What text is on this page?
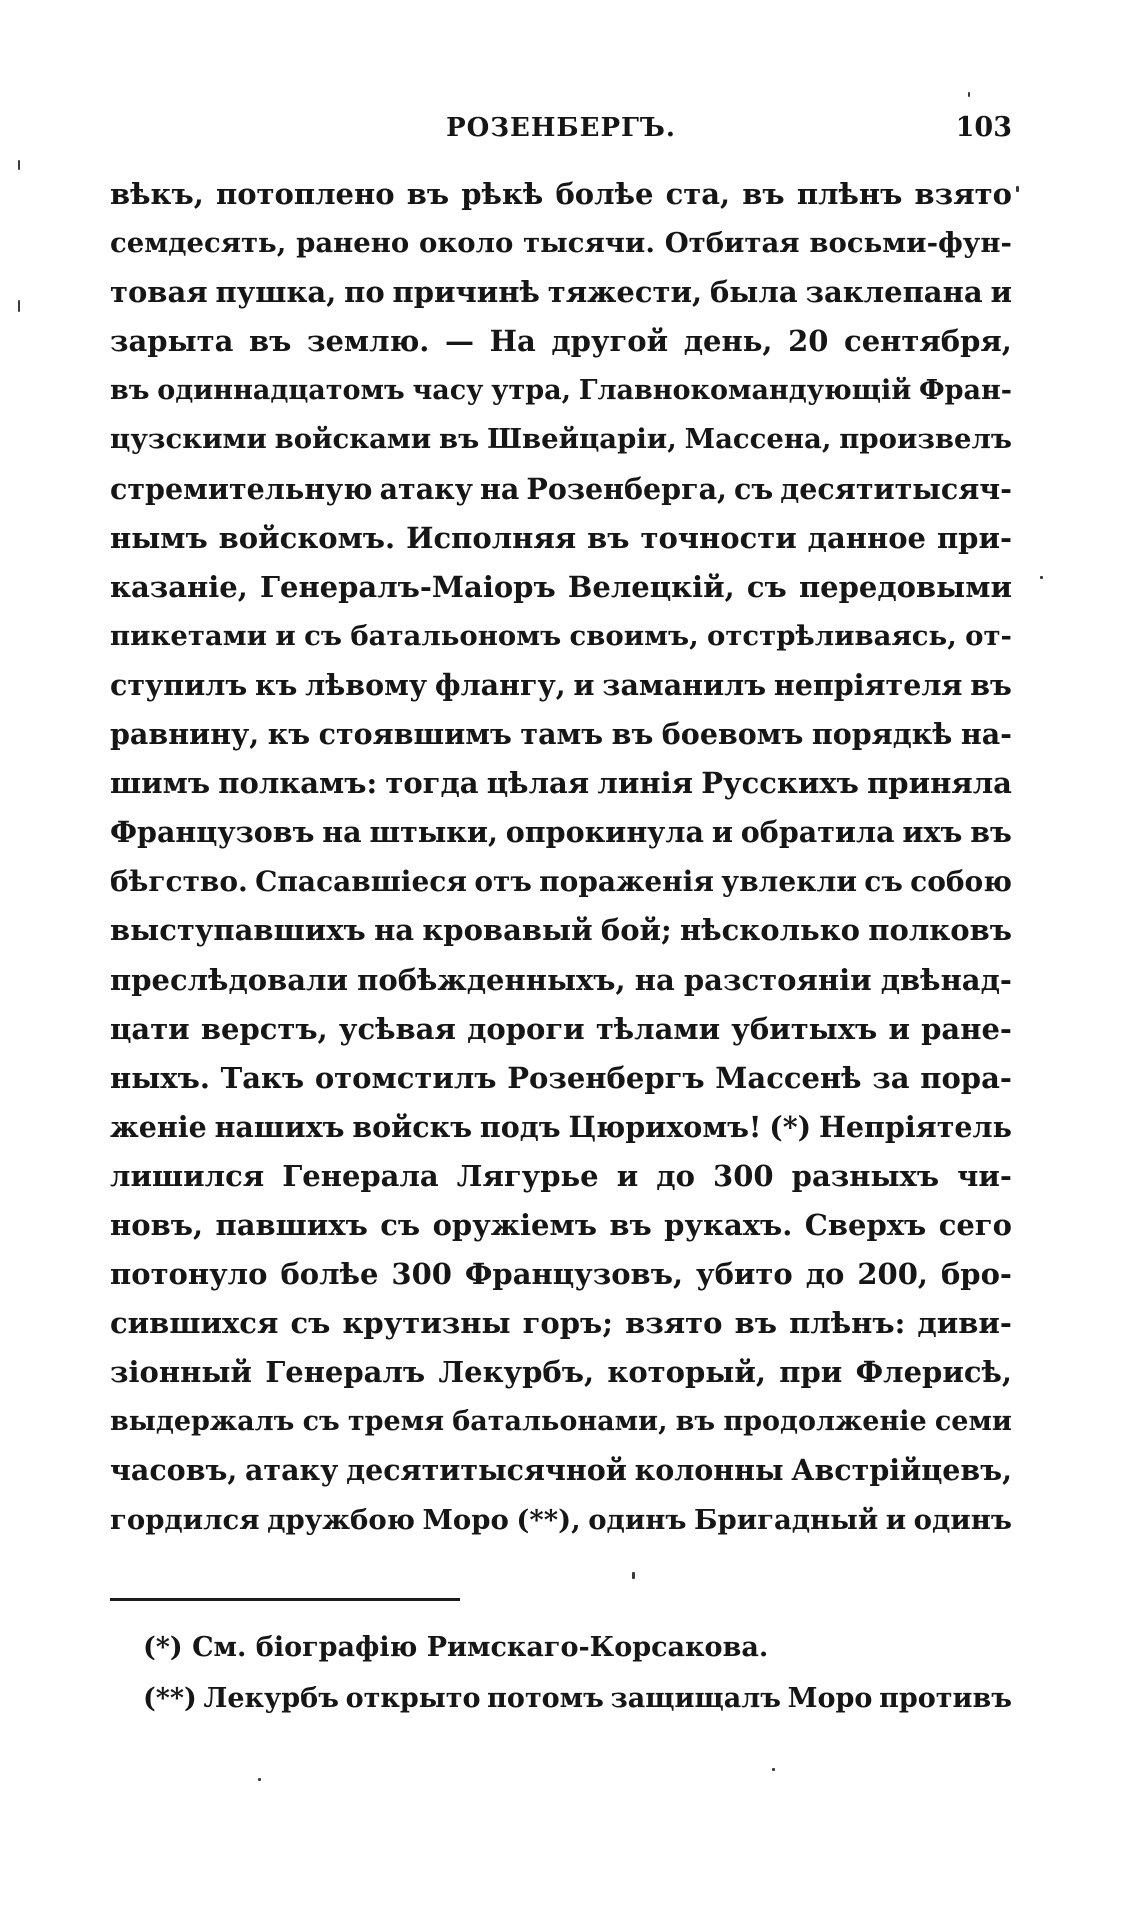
РОЗЕНБЕРГЪ.	103
вѣкъ, потоплено въ рѣкѣ болѣе ста, въ плѣнъ взято
семдесять, ранено около тысячи. Отбитая восьми-фун-
товая пушка, по причинѣ тяжести, была заклепана и
зарыта въ землю. — На другой день, 20 сентября,
въ одиннадцатомъ часу утра, Главнокомандующій Фран-
цузскими войсками въ Швейцаріи, Массена, произвелъ
стремительную атаку на Розенберга, съ десятитысяч-
нымъ войскомъ. Исполняя въ точности данное при-
казаніе, Генералъ-Маіоръ Велецкій, съ передовыми
пикетами и съ батальономъ своимъ, отстрѣливаясь, от-
ступилъ къ лѣвому флангу, и заманилъ непріятеля въ
равнину, къ стоявшимъ тамъ въ боевомъ порядкѣ на-
шимъ полкамъ: тогда цѣлая линія Русскихъ приняла
Французовъ на штыки, опрокинула и обратила ихъ въ
бѣгство. Спасавшіеся отъ пораженія увлекли съ собою
выступавшихъ на кровавый бой; нѣсколько полковъ
преслѣдовали побѣжденныхъ, на разстояніи двѣнад-
цати верстъ, усѣвая дороги тѣлами убитыхъ и ране-
ныхъ. Такъ отомстилъ Розенбергъ Массенѣ за пора-
женіе нашихъ войскъ подъ Цюрихомъ! (*) Непріятель
лишился Генерала Лягурье и до 300 разныхъ чи-
новъ, павшихъ съ оружіемъ въ рукахъ. Сверхъ сего
потонуло болѣе 300 Французовъ, убито до 200, бро-
сившихся съ крутизны горъ; взято въ плѣнъ: диви-
зіонный Генералъ Лекурбъ, который, при Флерисѣ,
выдержалъ съ тремя батальонами, въ продолженіе семи
часовъ, атаку десятитысячной колонны Австрійцевъ,
гордился дружбою Моро (**), одинъ Бригадный и одинъ
(*) См. біографію Римскаго-Корсакова.
(**) Лекурбъ открыто потомъ защищалъ Моро противъ
